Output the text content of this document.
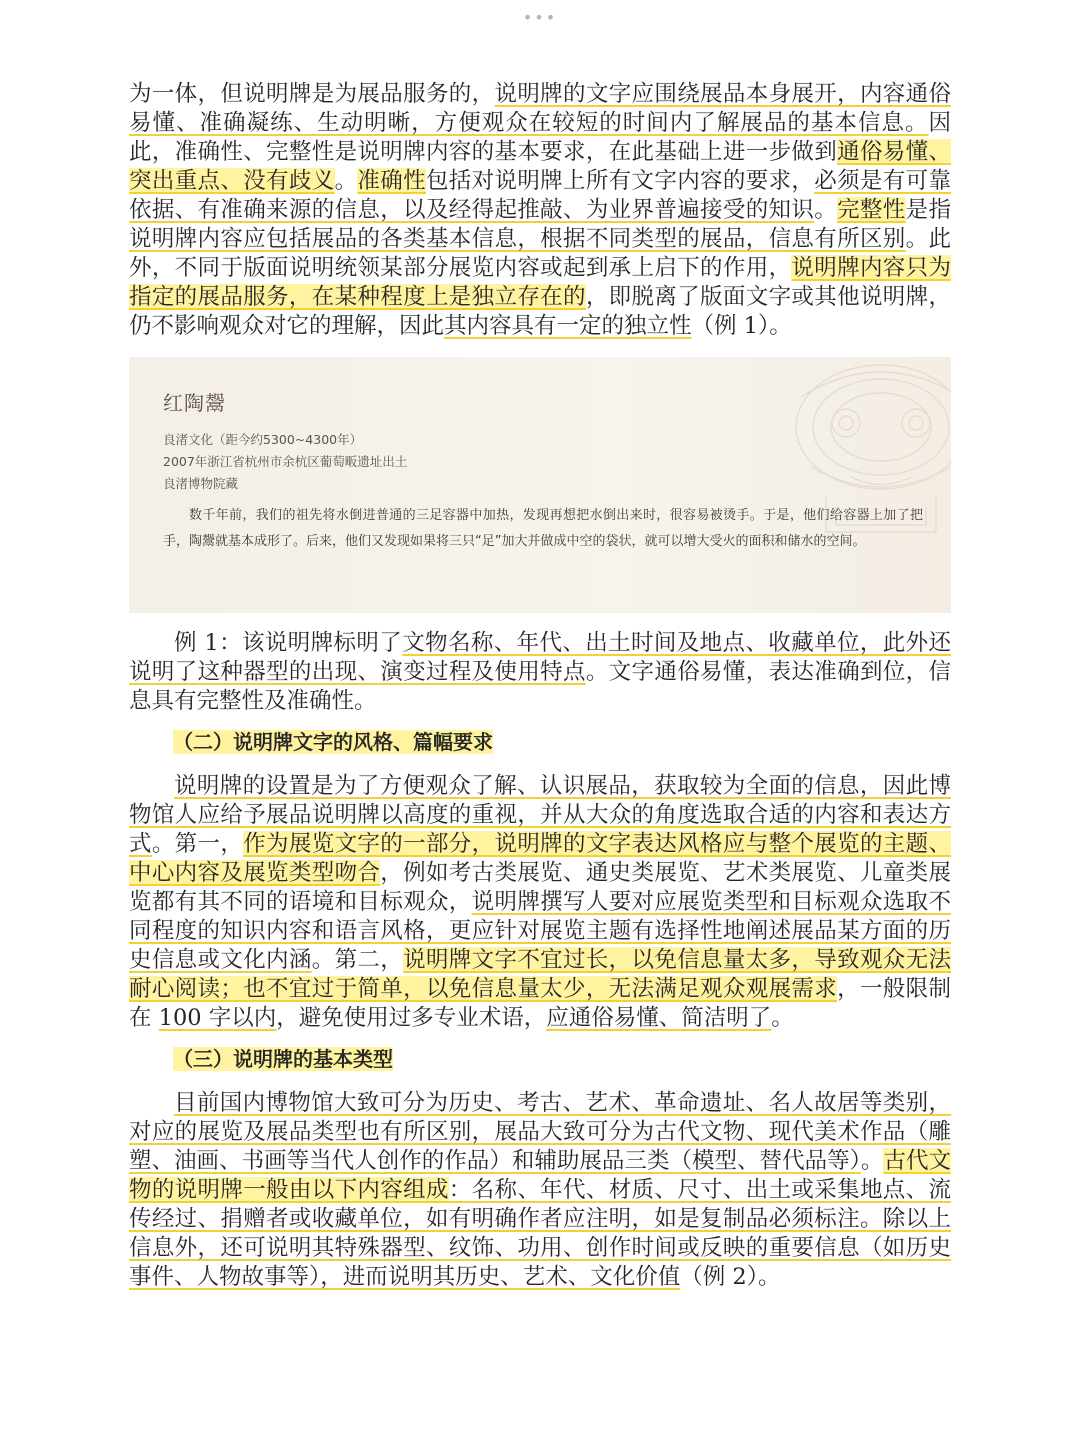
•••

为一体，但说明牌是为展品服务的，说明牌的文字应围绕展品本身展开，内容通俗易懂、准确凝练、生动明晰，方便观众在较短的时间内了解展品的基本信息。因此，准确性、完整性是说明牌内容的基本要求，在此基础上进一步做到通俗易懂、突出重点、没有歧义。准确性包括对说明牌上所有文字内容的要求，必须是有可靠依据、有准确来源的信息，以及经得起推敲、为业界普遍接受的知识。完整性是指说明牌内容应包括展品的各类基本信息，根据不同类型的展品，信息有所区别。此外，不同于版面说明统领某部分展览内容或起到承上启下的作用，说明牌内容只为指定的展品服务，在某种程度上是独立存在的，即脱离了版面文字或其他说明牌，仍不影响观众对它的理解，因此其内容具有一定的独立性（例 1）。

红陶鬶
良渚文化（距今约5300~4300年）
2007年浙江省杭州市余杭区葡萄畈遗址出土
良渚博物院藏
数千年前，我们的祖先将水倒进普通的三足容器中加热，发现再想把水倒出来时，很容易被烫手。于是，他们给容器上加了把手，陶鬶就基本成形了。后来，他们又发现如果将三只“足”加大并做成中空的袋状，就可以增大受火的面积和储水的空间。

例 1：该说明牌标明了文物名称、年代、出土时间及地点、收藏单位，此外还说明了这种器型的出现、演变过程及使用特点。文字通俗易懂，表达准确到位，信息具有完整性及准确性。

（二）说明牌文字的风格、篇幅要求

说明牌的设置是为了方便观众了解、认识展品，获取较为全面的信息，因此博物馆人应给予展品说明牌以高度的重视，并从大众的角度选取合适的内容和表达方式。第一，作为展览文字的一部分，说明牌的文字表达风格应与整个展览的主题、中心内容及展览类型吻合，例如考古类展览、通史类展览、艺术类展览、儿童类展览都有其不同的语境和目标观众，说明牌撰写人要对应展览类型和目标观众选取不同程度的知识内容和语言风格，更应针对展览主题有选择性地阐述展品某方面的历史信息或文化内涵。第二，说明牌文字不宜过长，以免信息量太多，导致观众无法耐心阅读；也不宜过于简单，以免信息量太少，无法满足观众观展需求，一般限制在 100 字以内，避免使用过多专业术语，应通俗易懂、简洁明了。

（三）说明牌的基本类型

目前国内博物馆大致可分为历史、考古、艺术、革命遗址、名人故居等类别，对应的展览及展品类型也有所区别，展品大致可分为古代文物、现代美术作品（雕塑、油画、书画等当代人创作的作品）和辅助展品三类（模型、替代品等）。古代文物的说明牌一般由以下内容组成：名称、年代、材质、尺寸、出土或采集地点、流传经过、捐赠者或收藏单位，如有明确作者应注明，如是复制品必须标注。除以上信息外，还可说明其特殊器型、纹饰、功用、创作时间或反映的重要信息（如历史事件、人物故事等），进而说明其历史、艺术、文化价值（例 2）。
